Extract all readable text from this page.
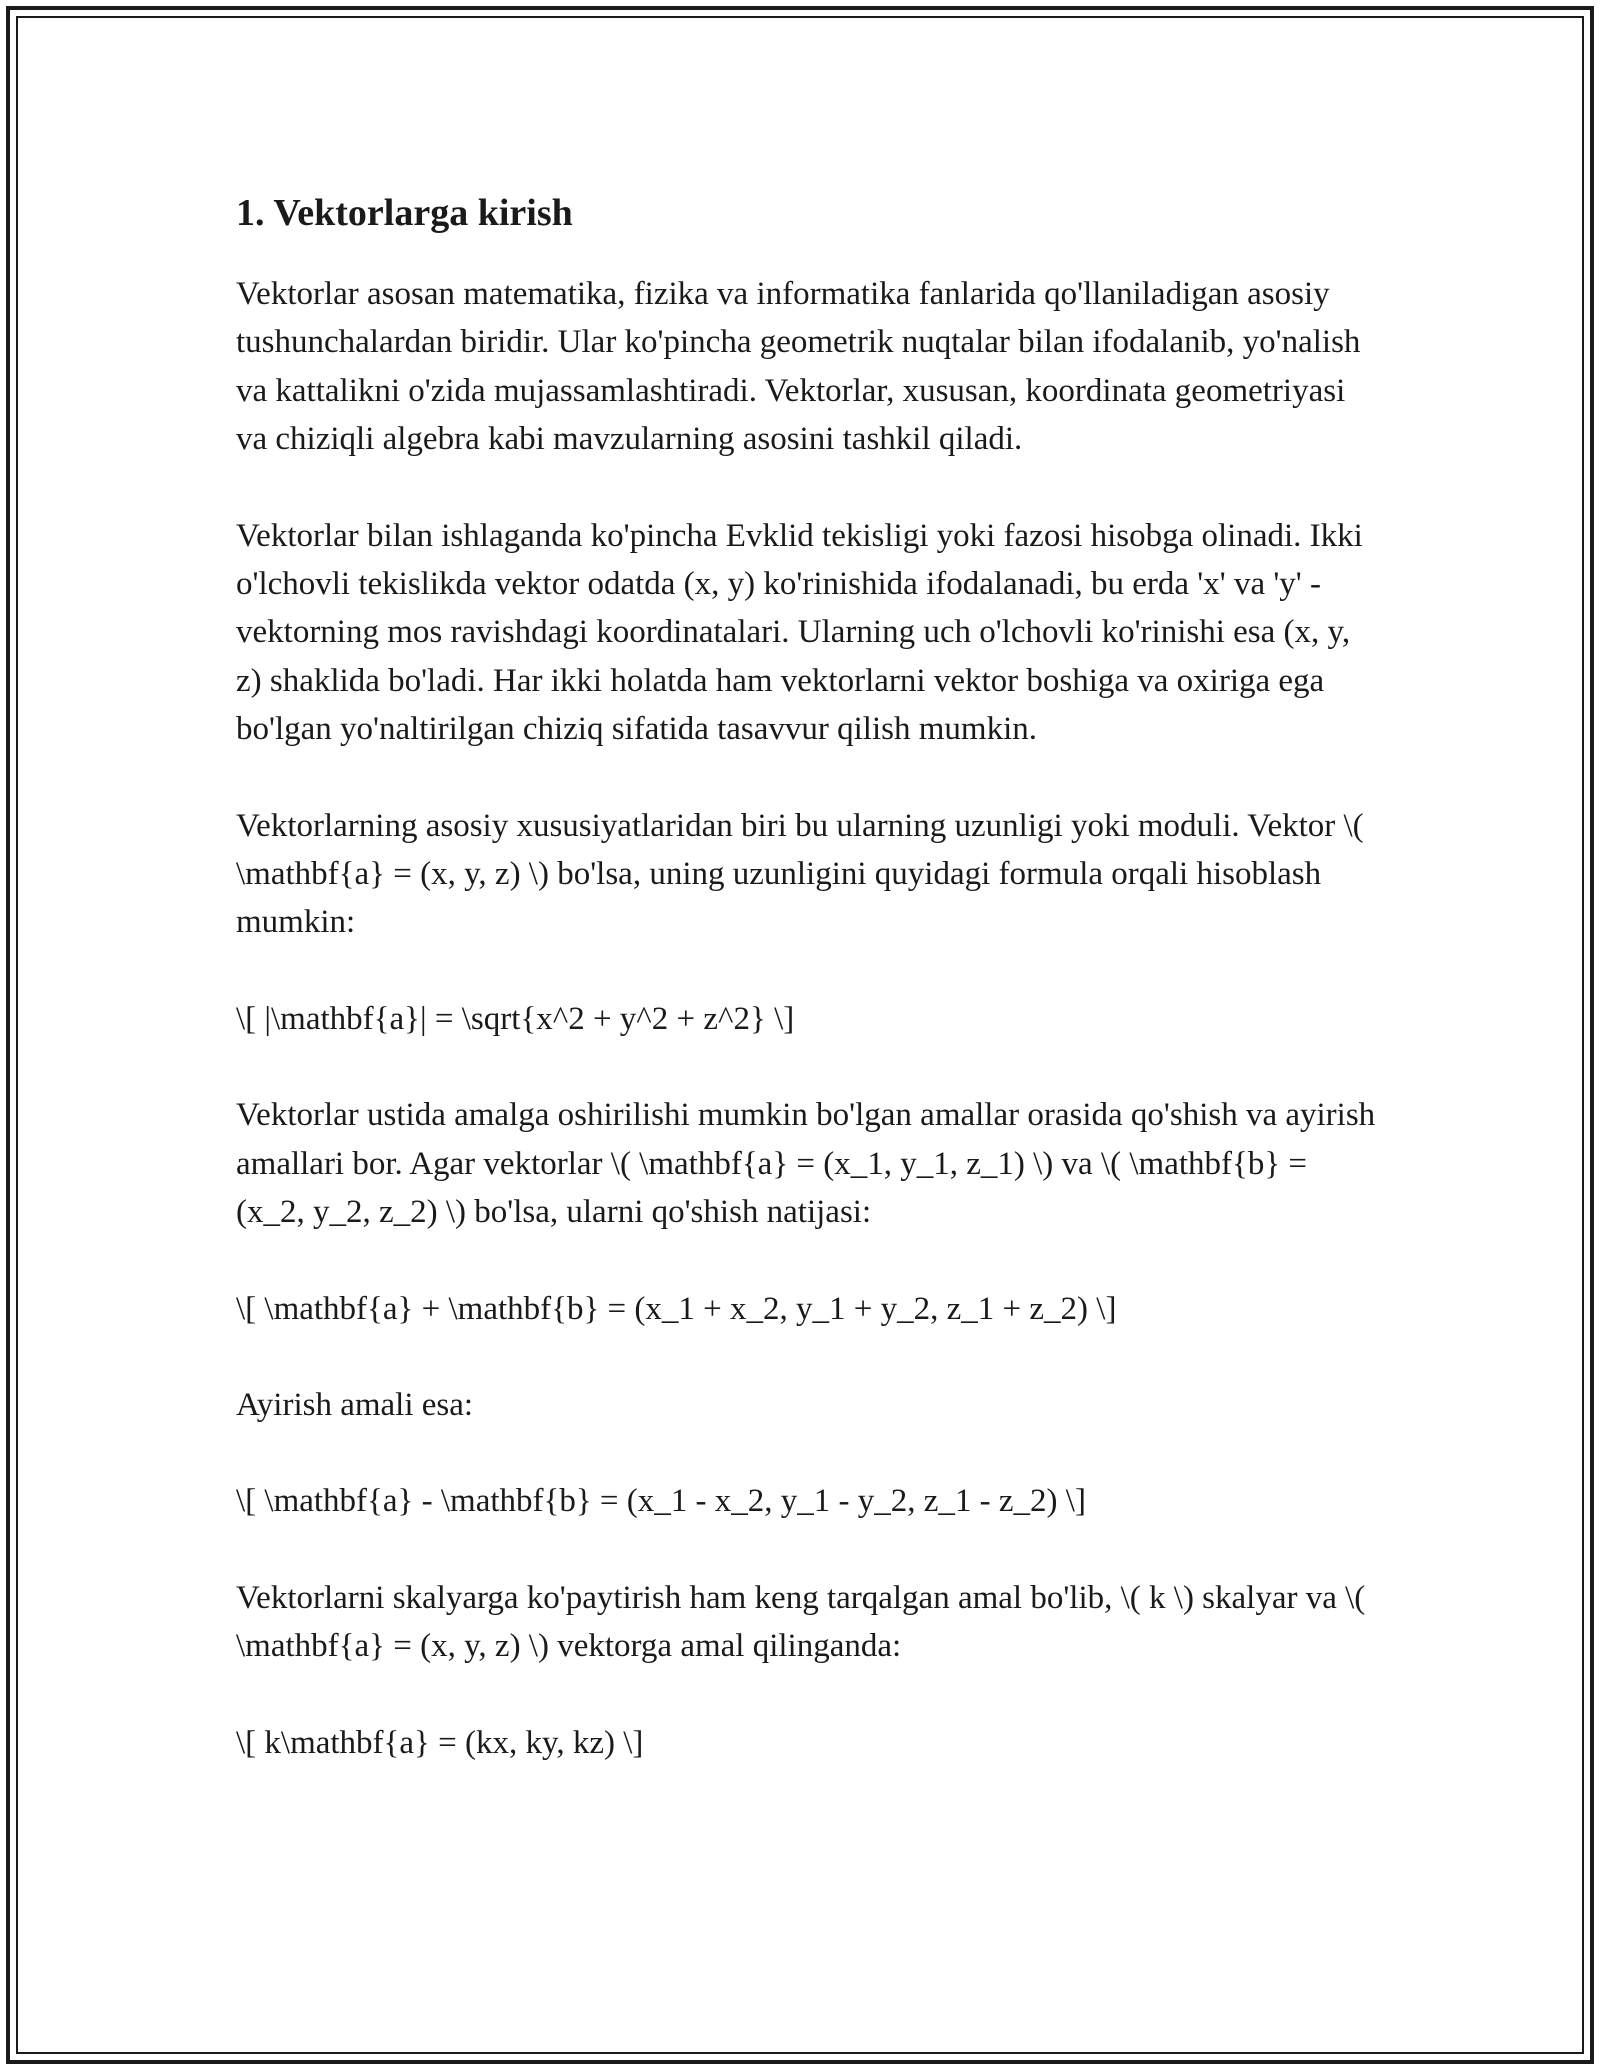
1. Vektorlarga kirish

Vektorlar asosan matematika, fizika va informatika fanlarida qo'llaniladigan asosiy tushunchalardan biridir. Ular ko'pincha geometrik nuqtalar bilan ifodalanib, yo'nalish va kattalikni o'zida mujassamlashtiradi. Vektorlar, xususan, koordinata geometriyasi va chiziqli algebra kabi mavzularning asosini tashkil qiladi.

Vektorlar bilan ishlaganda ko'pincha Evklid tekisligi yoki fazosi hisobga olinadi. Ikki o'lchovli tekislikda vektor odatda (x, y) ko'rinishida ifodalanadi, bu erda 'x' va 'y' - vektorning mos ravishdagi koordinatalari. Ularning uch o'lchovli ko'rinishi esa (x, y, z) shaklida bo'ladi. Har ikki holatda ham vektorlarni vektor boshiga va oxiriga ega bo'lgan yo'naltirilgan chiziq sifatida tasavvur qilish mumkin.

Vektorlarning asosiy xususiyatlaridan biri bu ularning uzunligi yoki moduli. Vektor \( \mathbf{a} = (x, y, z) \) bo'lsa, uning uzunligini quyidagi formula orqali hisoblash mumkin:

\[ |\mathbf{a}| = \sqrt{x^2 + y^2 + z^2} \]

Vektorlar ustida amalga oshirilishi mumkin bo'lgan amallar orasida qo'shish va ayirish amallari bor. Agar vektorlar \( \mathbf{a} = (x_1, y_1, z_1) \) va \( \mathbf{b} = (x_2, y_2, z_2) \) bo'lsa, ularni qo'shish natijasi:

\[ \mathbf{a} + \mathbf{b} = (x_1 + x_2, y_1 + y_2, z_1 + z_2) \]

Ayirish amali esa:

\[ \mathbf{a} - \mathbf{b} = (x_1 - x_2, y_1 - y_2, z_1 - z_2) \]

Vektorlarni skalyarga ko'paytirish ham keng tarqalgan amal bo'lib, \( k \) skalyar va \( \mathbf{a} = (x, y, z) \) vektorga amal qilinganda:

\[ k\mathbf{a} = (kx, ky, kz) \]
